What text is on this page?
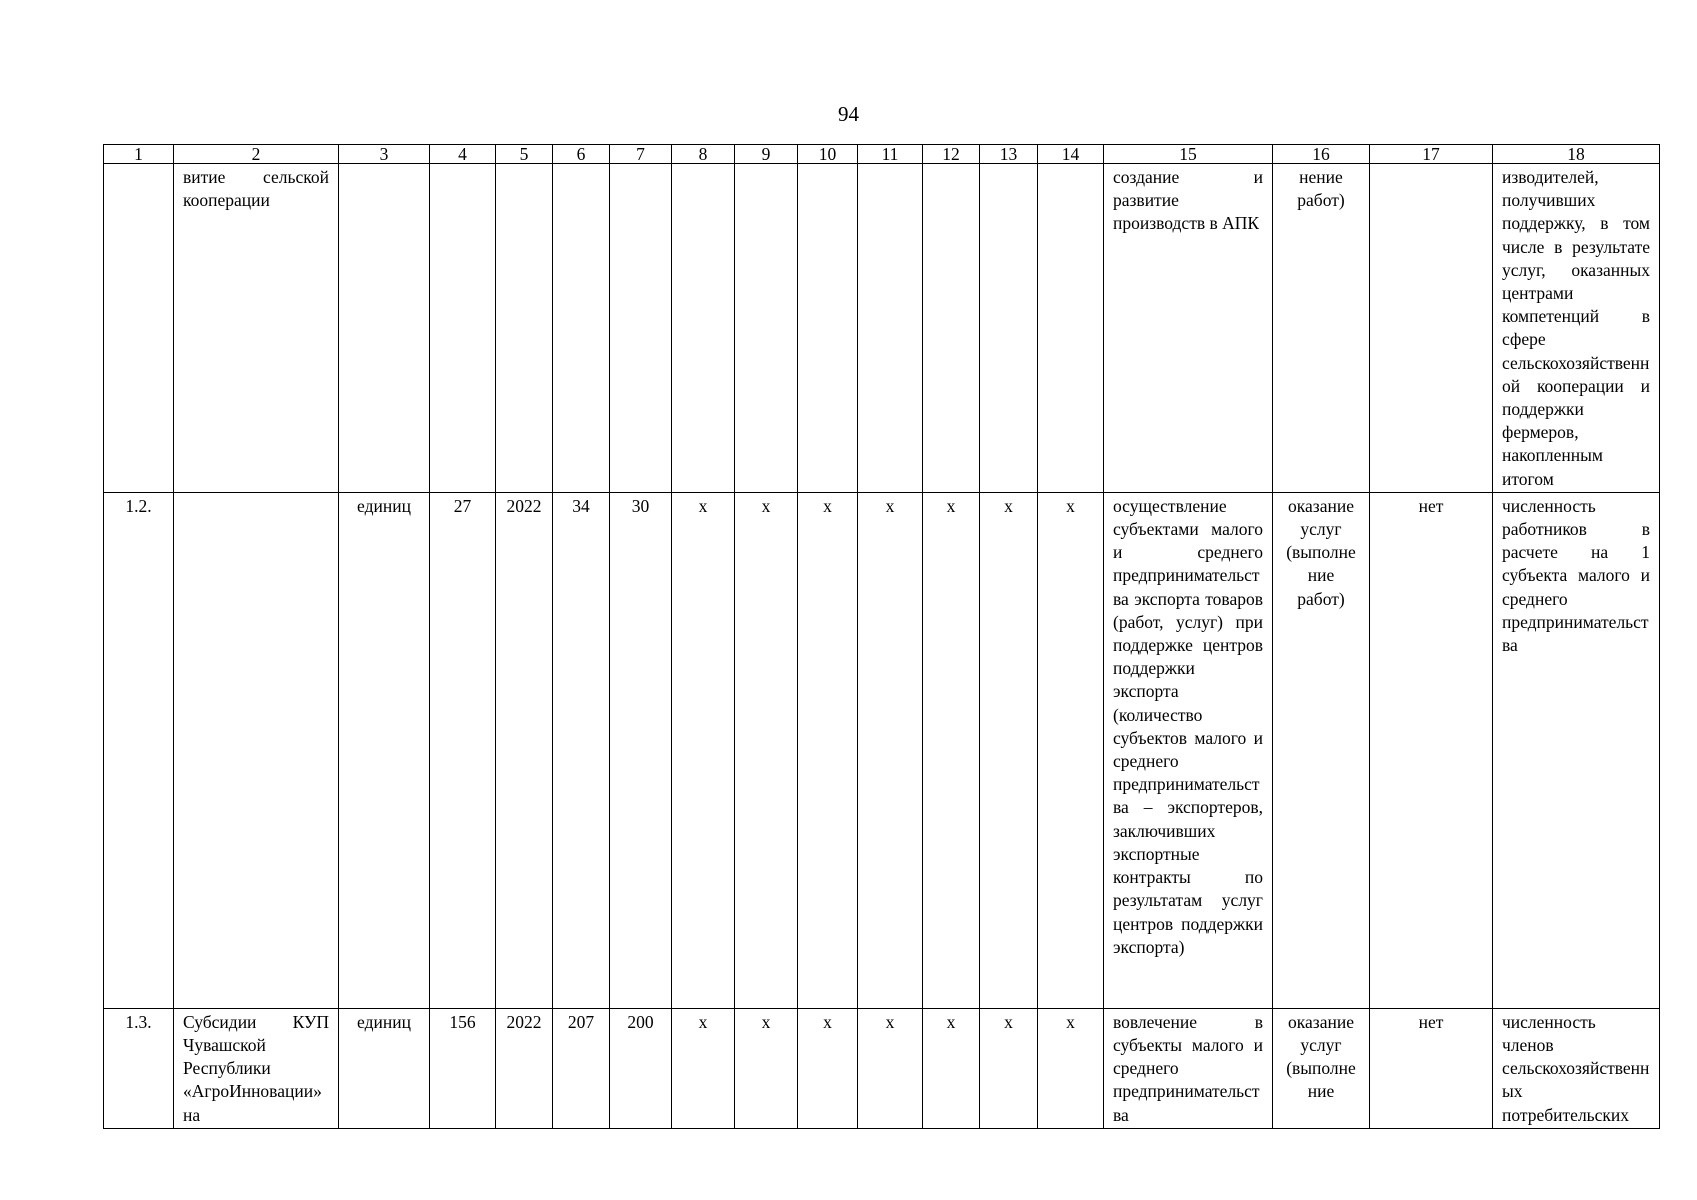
94
1	2	3	4	5	6	7	8	9	10	11	12	13	14	15	16	17	18
	витие сельской кооперации													создание и развитие производств в АПК	нение работ)		изводителей, получивших поддержку, в том числе в результате услуг, оказанных центрами компетенций в сфере сельскохозяйственной кооперации и поддержки фермеров, накопленным итогом
1.2.		единиц	27	2022	34	30	x	x	x	x	x	x	x	осуществление субъектами малого и среднего предпринимательства экспорта товаров (работ, услуг) при поддержке центров поддержки экспорта (количество субъектов малого и среднего предпринимательства – экспортеров, заключивших экспортные контракты по результатам услуг центров поддержки экспорта)	оказание услуг (выполнение работ)	нет	численность работников в расчете на 1 субъекта малого и среднего предпринимательства
1.3.	Субсидии КУП Чувашской Республики «АгроИнновации» на	единиц	156	2022	207	200	x	x	x	x	x	x	x	вовлечение в субъекты малого и среднего предпринимательства	оказание услуг (выполнение	нет	численность членов сельскохозяйственных потребительских
